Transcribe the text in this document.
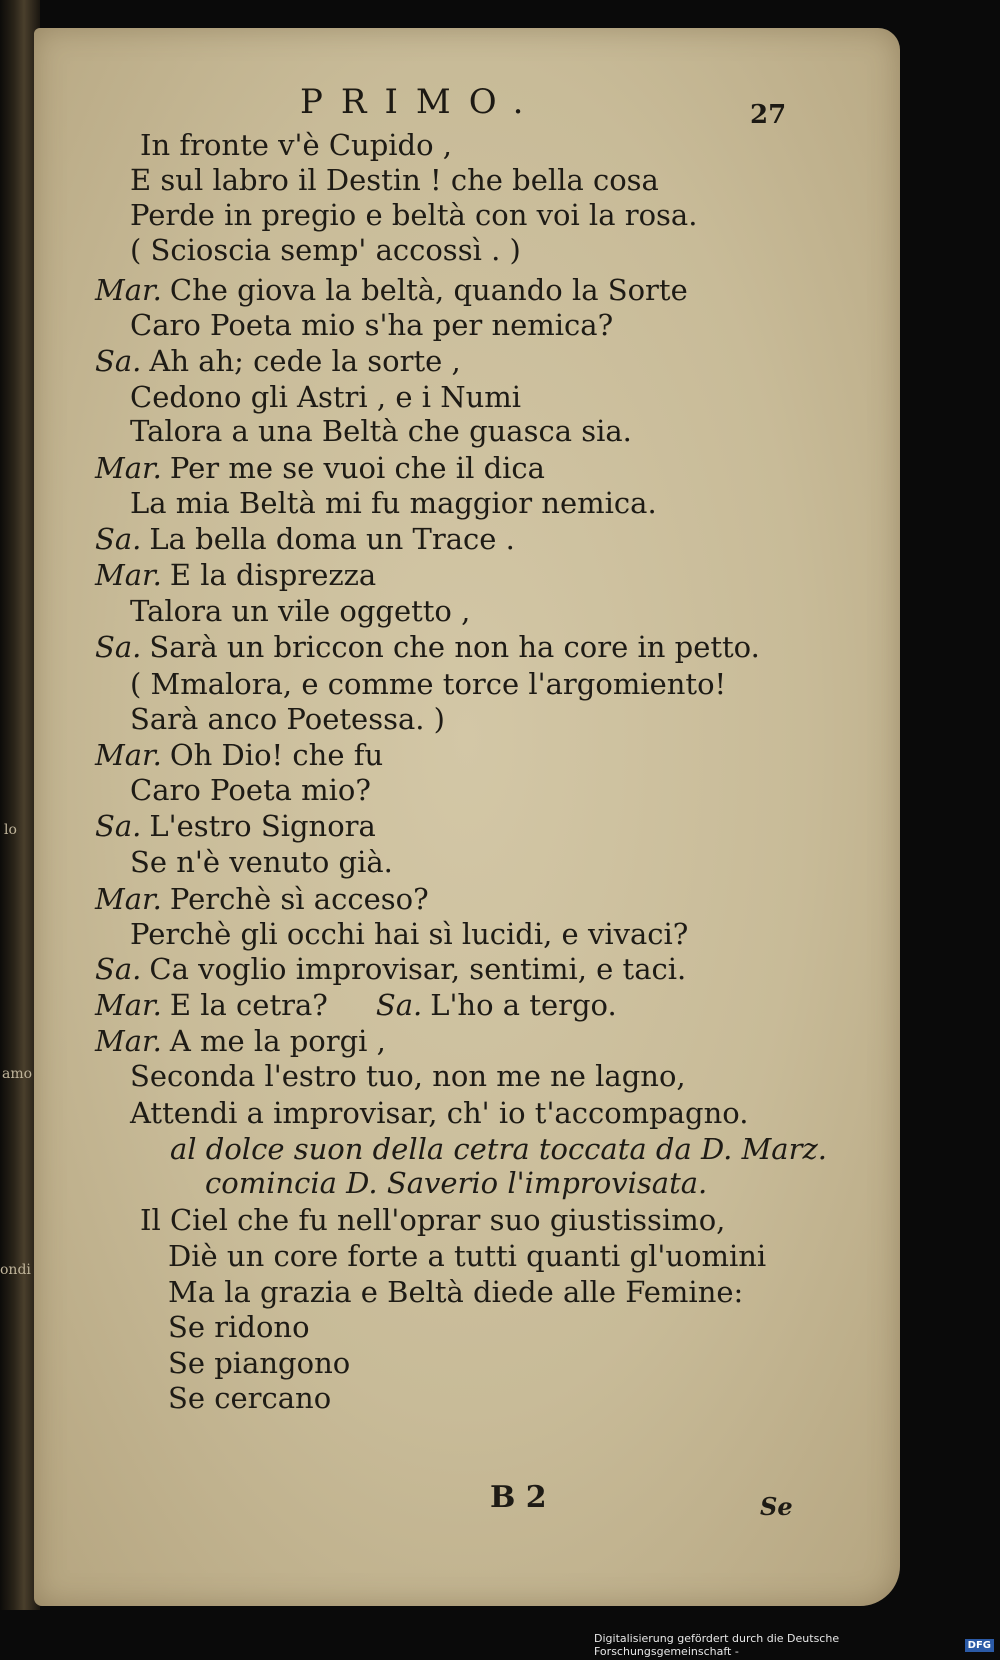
lo
amo
ondi
PRIMO.	27
In fronte v'è Cupido ,
E sul labro il Destin ! che bella cosa
Perde in pregio e beltà con voi la rosa.
( Sciosciа semp' accossì . )
Mar. Che giova la beltà, quando la Sorte
Caro Poeta mio s'ha per nemica?
Sa. Ah ah; cede la sorte ,
Cedono gli Astri , e i Numi
Talora a una Beltà che guasca sia.
Mar. Per me se vuoi che il dica
La mia Beltà mi fu maggior nemica.
Sa. La bella doma un Trace .
Mar. E la disprezza
Talora un vile oggetto ,
Sa. Sarà un briccon che non ha core in petto.
( Mmalora, e comme torce l'argomiento!
Sarà anco Poetessa. )
Mar. Oh Dio! che fu
Caro Poeta mio?
Sa. L'estro Signora
Se n'è venuto già.
Mar. Perchè sì acceso?
Perchè gli occhi hai sì lucidi, e vivaci?
Sa. Ca voglio improvisar, sentimi, e taci.
Mar. E la cetra? Sa. L'ho a tergo.
Mar. A me la porgi ,
Seconda l'estro tuo, non me ne lagno,
Attendi a improvisar, ch' io t'accompagno.
al dolce suon della cetra toccata da D. Marz.
comincia D. Saverio l'improvisata.
Il Ciel che fu nell'oprar suo giustissimo,
Diè un core forte a tutti quanti gl'uomini
Ma la grazia e Beltà diede alle Femine:
Se ridono
Se piangono
Se cercano
B 2	Se
Digitalisierung gefördert durch die Deutsche Forschungsgemeinschaft -	DFG
